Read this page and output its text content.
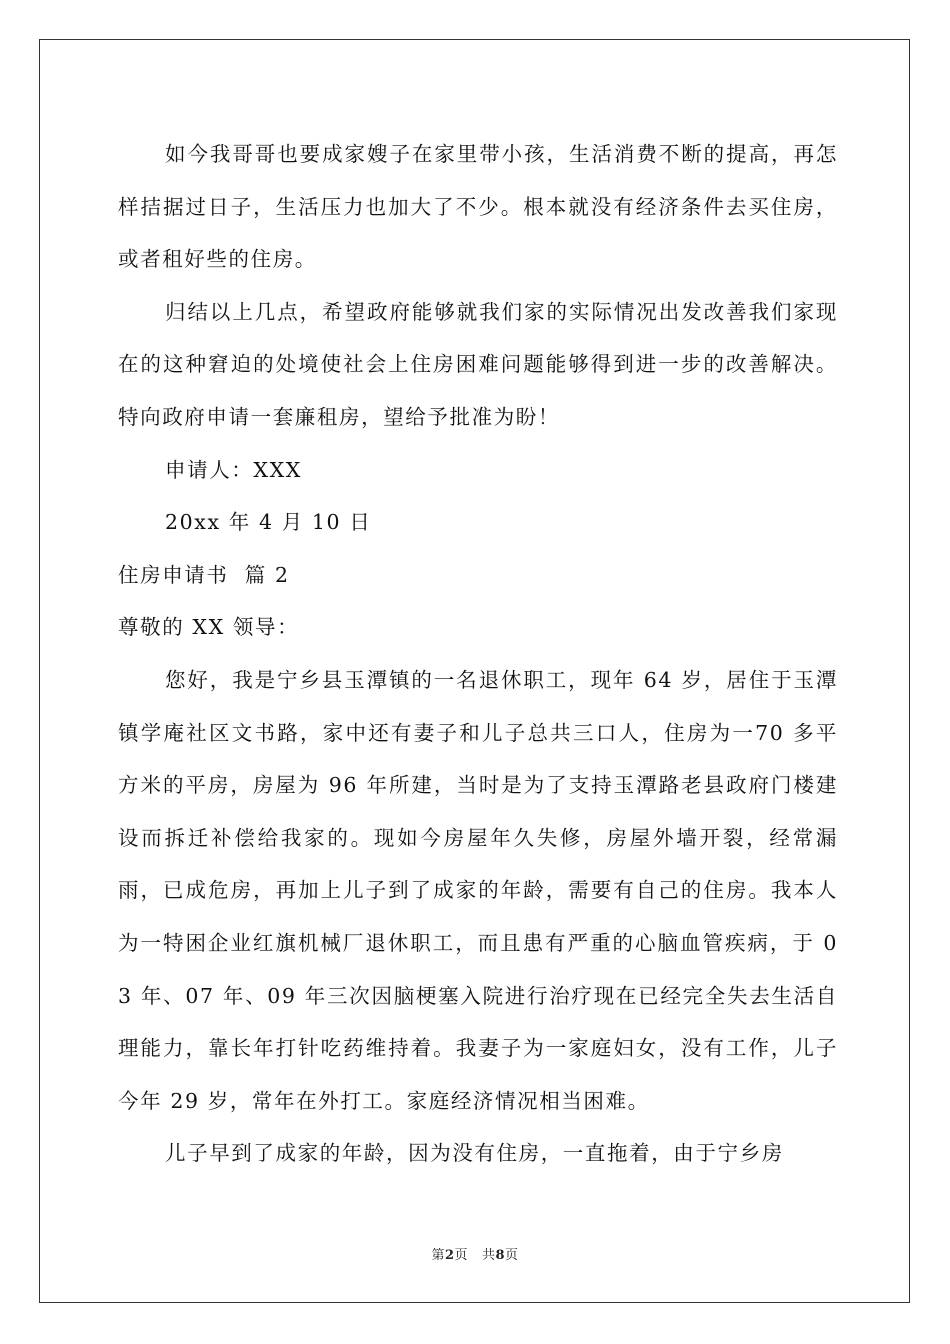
如今我哥哥也要成家嫂子在家里带小孩，生活消费不断的提高，再怎样拮据过日子，生活压力也加大了不少。根本就没有经济条件去买住房，或者租好些的住房。

归结以上几点，希望政府能够就我们家的实际情况出发改善我们家现在的这种窘迫的处境使社会上住房困难问题能够得到进一步的改善解决。特向政府申请一套廉租房，望给予批准为盼！

申请人：XXX

20xx 年 4 月 10 日

住房申请书  篇 2

尊敬的 XX 领导：

您好，我是宁乡县玉潭镇的一名退休职工，现年 64 岁，居住于玉潭镇学庵社区文书路，家中还有妻子和儿子总共三口人，住房为一70 多平方米的平房，房屋为 96 年所建，当时是为了支持玉潭路老县政府门楼建设而拆迁补偿给我家的。现如今房屋年久失修，房屋外墙开裂，经常漏雨，已成危房，再加上儿子到了成家的年龄，需要有自己的住房。我本人为一特困企业红旗机械厂退休职工，而且患有严重的心脑血管疾病，于 03 年、07 年、09 年三次因脑梗塞入院进行治疗现在已经完全失去生活自理能力，靠长年打针吃药维持着。我妻子为一家庭妇女，没有工作，儿子今年 29 岁，常年在外打工。家庭经济情况相当困难。

儿子早到了成家的年龄，因为没有住房，一直拖着，由于宁乡房

第2页   共8页
